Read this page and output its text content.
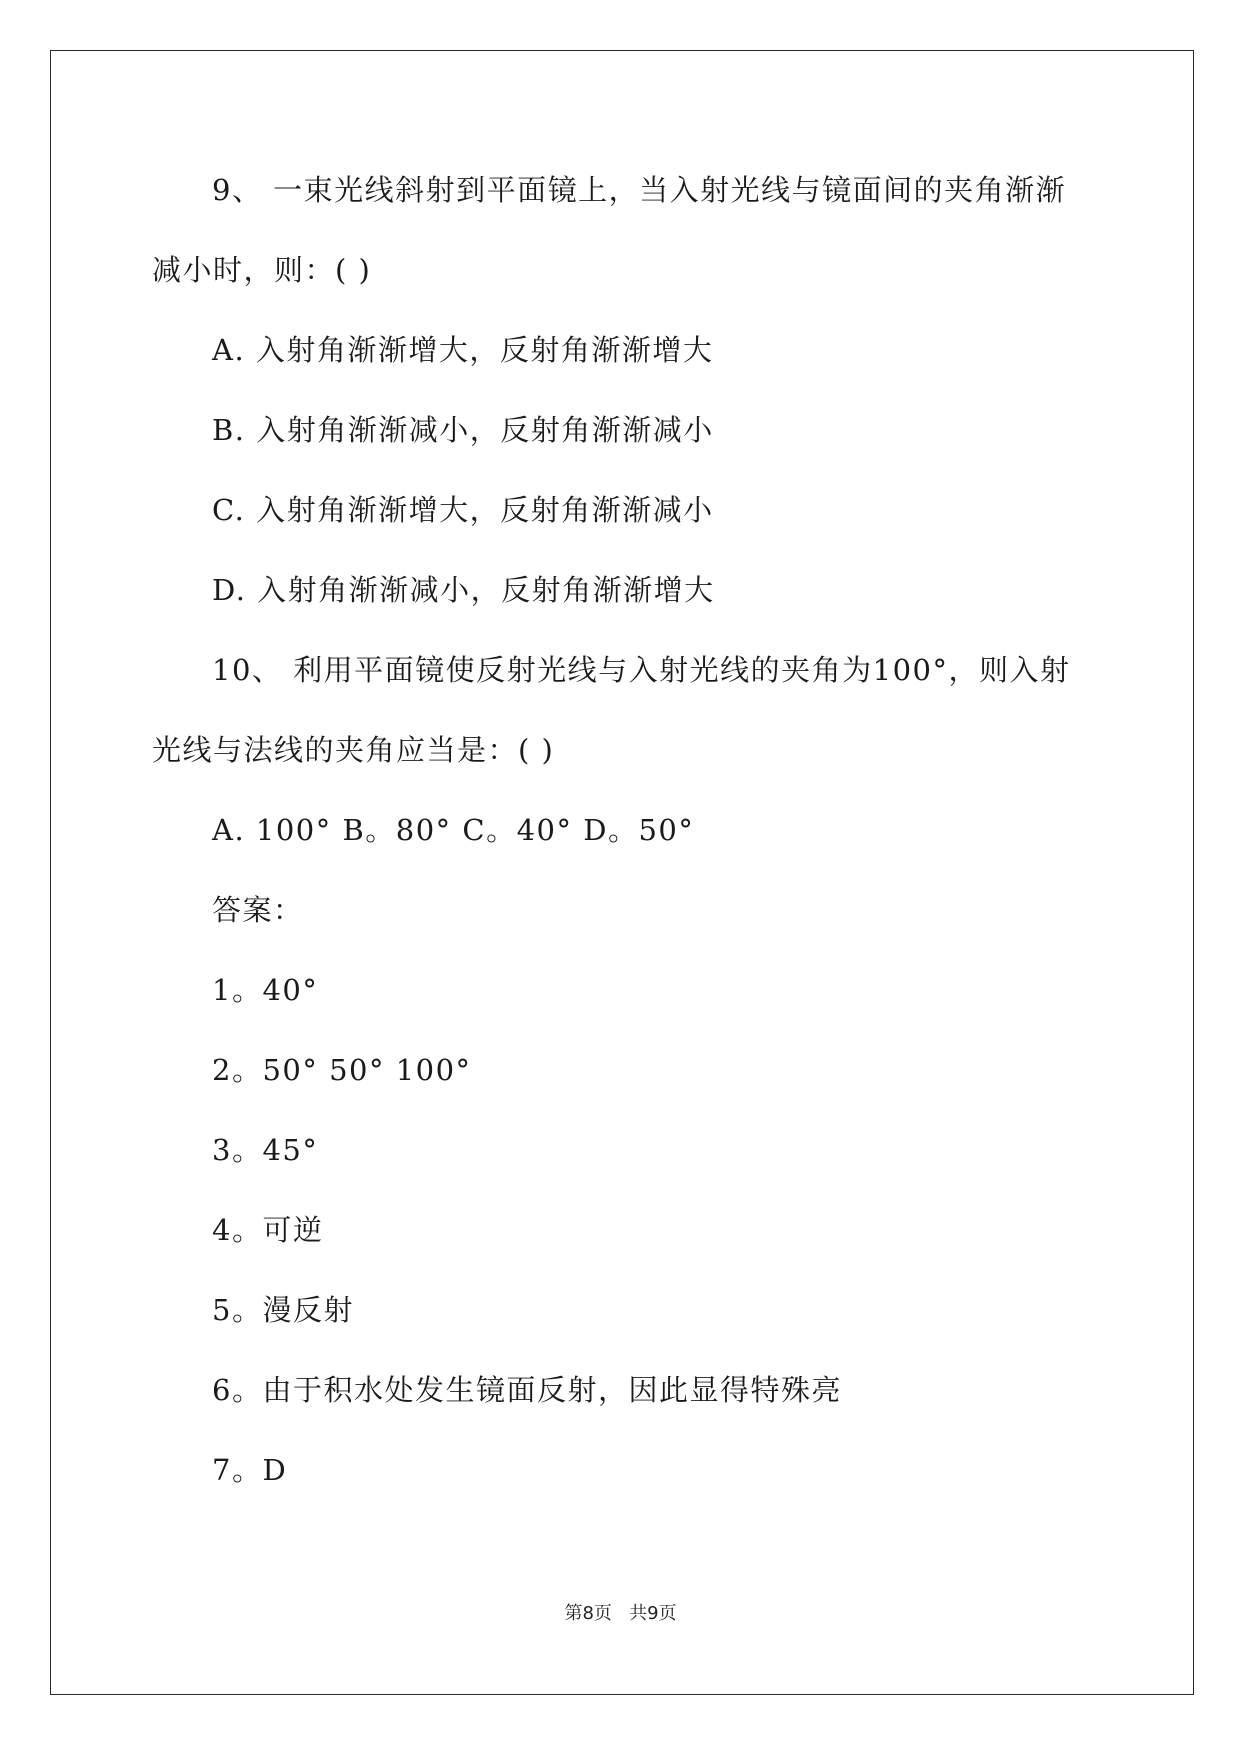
9、 一束光线斜射到平面镜上，当入射光线与镜面间的夹角渐渐
减小时，则：( )
A. 入射角渐渐增大，反射角渐渐增大
B. 入射角渐渐减小，反射角渐渐减小
C. 入射角渐渐增大，反射角渐渐减小
D. 入射角渐渐减小，反射角渐渐增大
10、 利用平面镜使反射光线与入射光线的夹角为100°，则入射
光线与法线的夹角应当是：( )
A. 100° B。80° C。40° D。50°
答案：
1。40°
2。50° 50° 100°
3。45°
4。可逆
5。漫反射
6。由于积水处发生镜面反射，因此显得特殊亮
7。D
第8页 共9页
